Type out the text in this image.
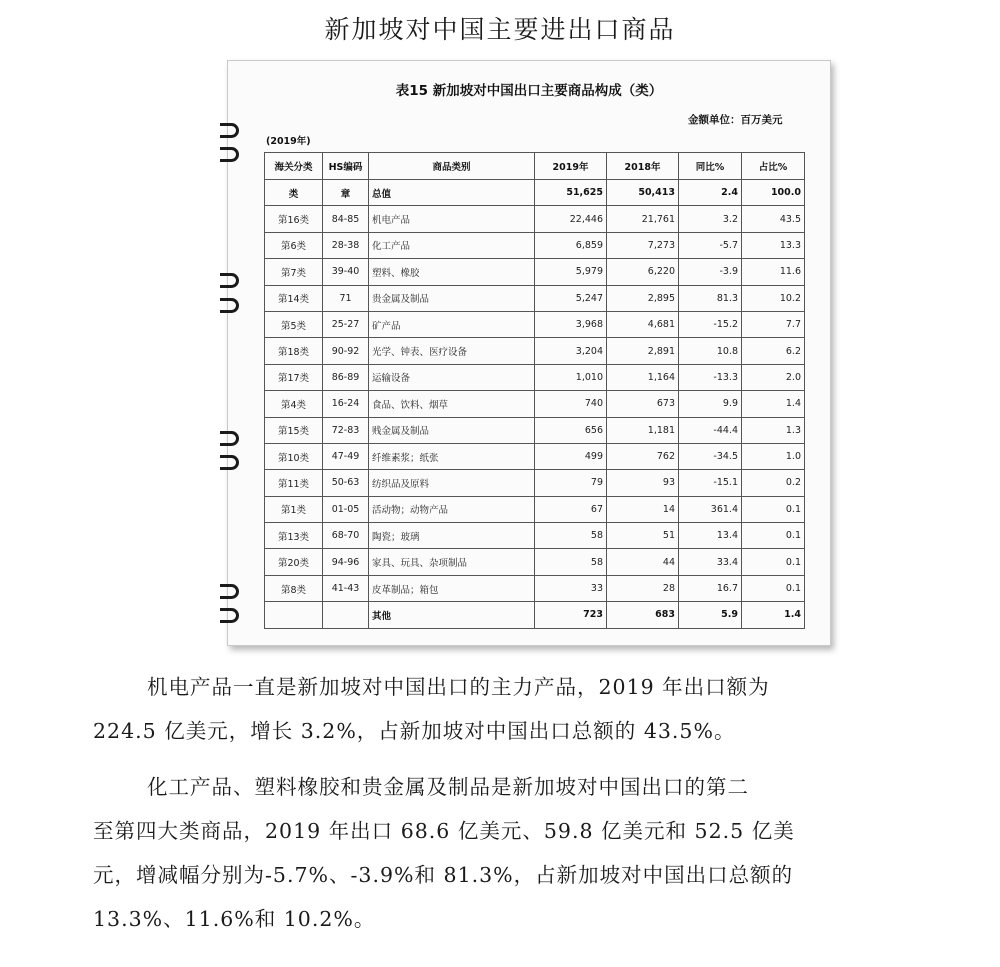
新加坡对中国主要进出口商品
表15 新加坡对中国出口主要商品构成（类）
金额单位：百万美元
(2019年)
海关分类	HS编码	商品类别	2019年	2018年	同比%	占比%
类	章	总值	51,625	50,413	2.4	100.0
第16类	84-85	机电产品	22,446	21,761	3.2	43.5
第6类	28-38	化工产品	6,859	7,273	-5.7	13.3
第7类	39-40	塑料、橡胶	5,979	6,220	-3.9	11.6
第14类	71	贵金属及制品	5,247	2,895	81.3	10.2
第5类	25-27	矿产品	3,968	4,681	-15.2	7.7
第18类	90-92	光学、钟表、医疗设备	3,204	2,891	10.8	6.2
第17类	86-89	运输设备	1,010	1,164	-13.3	2.0
第4类	16-24	食品、饮料、烟草	740	673	9.9	1.4
第15类	72-83	贱金属及制品	656	1,181	-44.4	1.3
第10类	47-49	纤维素浆；纸张	499	762	-34.5	1.0
第11类	50-63	纺织品及原料	79	93	-15.1	0.2
第1类	01-05	活动物；动物产品	67	14	361.4	0.1
第13类	68-70	陶瓷；玻璃	58	51	13.4	0.1
第20类	94-96	家具、玩具、杂项制品	58	44	33.4	0.1
第8类	41-43	皮革制品；箱包	33	28	16.7	0.1
		其他	723	683	5.9	1.4
机电产品一直是新加坡对中国出口的主力产品，2019 年出口额为
224.5 亿美元，增长 3.2%，占新加坡对中国出口总额的 43.5%。
化工产品、塑料橡胶和贵金属及制品是新加坡对中国出口的第二
至第四大类商品，2019 年出口 68.6 亿美元、59.8 亿美元和 52.5 亿美
元，增减幅分别为-5.7%、-3.9%和 81.3%，占新加坡对中国出口总额的
13.3%、11.6%和 10.2%。
